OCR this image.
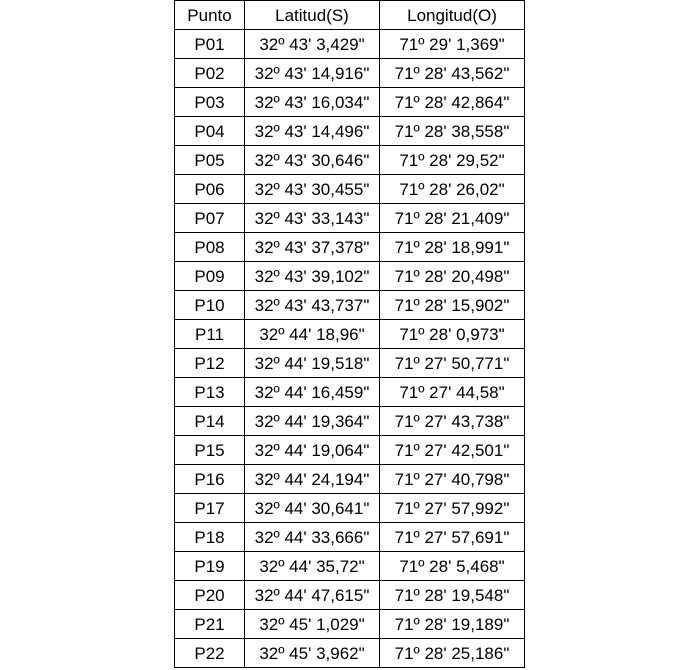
Punto	Latitud(S)	Longitud(O)
P01	32º 43' 3,429"	71º 29' 1,369"
P02	32º 43' 14,916"	71º 28' 43,562"
P03	32º 43' 16,034"	71º 28' 42,864"
P04	32º 43' 14,496"	71º 28' 38,558"
P05	32º 43' 30,646"	71º 28' 29,52"
P06	32º 43' 30,455"	71º 28' 26,02"
P07	32º 43' 33,143"	71º 28' 21,409"
P08	32º 43' 37,378"	71º 28' 18,991"
P09	32º 43' 39,102"	71º 28' 20,498"
P10	32º 43' 43,737"	71º 28' 15,902"
P11	32º 44' 18,96"	71º 28' 0,973"
P12	32º 44' 19,518"	71º 27' 50,771"
P13	32º 44' 16,459"	71º 27' 44,58"
P14	32º 44' 19,364"	71º 27' 43,738"
P15	32º 44' 19,064"	71º 27' 42,501"
P16	32º 44' 24,194"	71º 27' 40,798"
P17	32º 44' 30,641"	71º 27' 57,992"
P18	32º 44' 33,666"	71º 27' 57,691"
P19	32º 44' 35,72"	71º 28' 5,468"
P20	32º 44' 47,615"	71º 28' 19,548"
P21	32º 45' 1,029"	71º 28' 19,189"
P22	32º 45' 3,962"	71º 28' 25,186"
